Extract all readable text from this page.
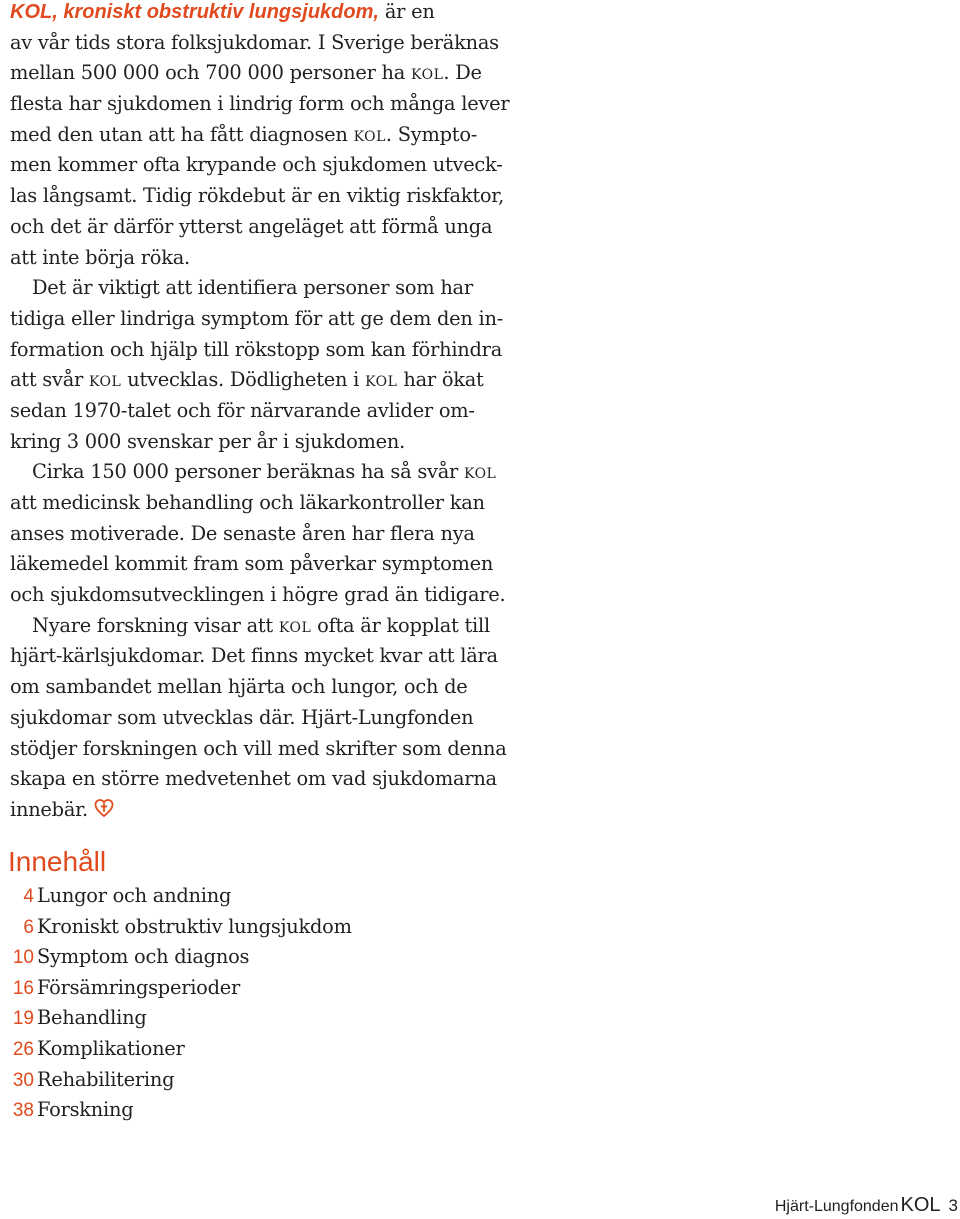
KOL, kroniskt obstruktiv lungsjukdom, är en
av vår tids stora folksjukdomar. I Sverige beräknas
mellan 500 000 och 700 000 personer ha kol. De
flesta har sjukdomen i lindrig form och många lever
med den utan att ha fått diagnosen kol. Sympto-
men kommer ofta krypande och sjukdomen utveck-
las långsamt. Tidig rökdebut är en viktig riskfaktor,
och det är därför ytterst angeläget att förmå unga
att inte börja röka.
Det är viktigt att identifiera personer som har
tidiga eller lindriga symptom för att ge dem den in-
formation och hjälp till rökstopp som kan förhindra
att svår kol utvecklas. Dödligheten i kol har ökat
sedan 1970-talet och för närvarande avlider om-
kring 3 000 svenskar per år i sjukdomen.
Cirka 150 000 personer beräknas ha så svår kol
att medicinsk behandling och läkarkontroller kan
anses motiverade. De senaste åren har flera nya
läkemedel kommit fram som påverkar symptomen
och sjukdomsutvecklingen i högre grad än tidigare.
Nyare forskning visar att kol ofta är kopplat till
hjärt-kärlsjukdomar. Det finns mycket kvar att lära
om sambandet mellan hjärta och lungor, och de
sjukdomar som utvecklas där. Hjärt-Lungfonden
stödjer forskningen och vill med skrifter som denna
skapa en större medvetenhet om vad sjukdomarna
innebär.
Innehåll
4 Lungor och andning
6 Kroniskt obstruktiv lungsjukdom
10 Symptom och diagnos
16 Försämringsperioder
19 Behandling
26 Komplikationer
30 Rehabilitering
38 Forskning
Hjärt-Lungfonden KOL 3
